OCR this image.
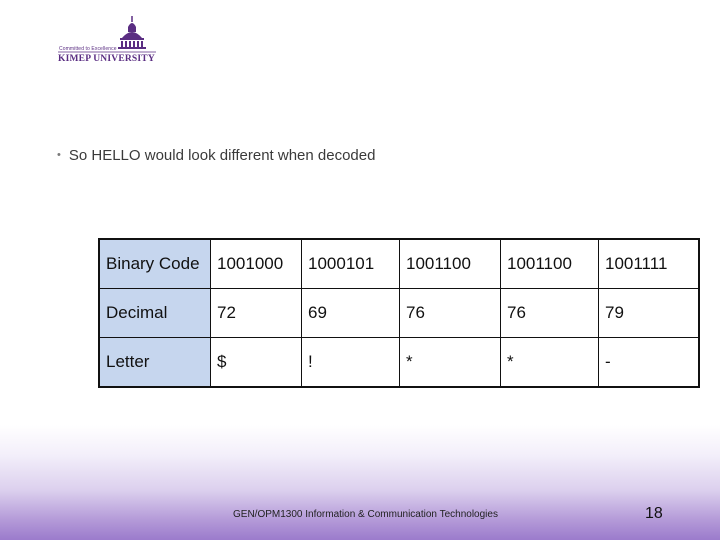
Committed to Excellence
KIMEP UNIVERSITY
• So HELLO would look different when decoded
Binary Code	1001000	1000101	1001100	1001100	1001111
Decimal	72	69	76	76	79
Letter	$	!	*	*	-
GEN/OPM1300 Information & Communication Technologies	18
